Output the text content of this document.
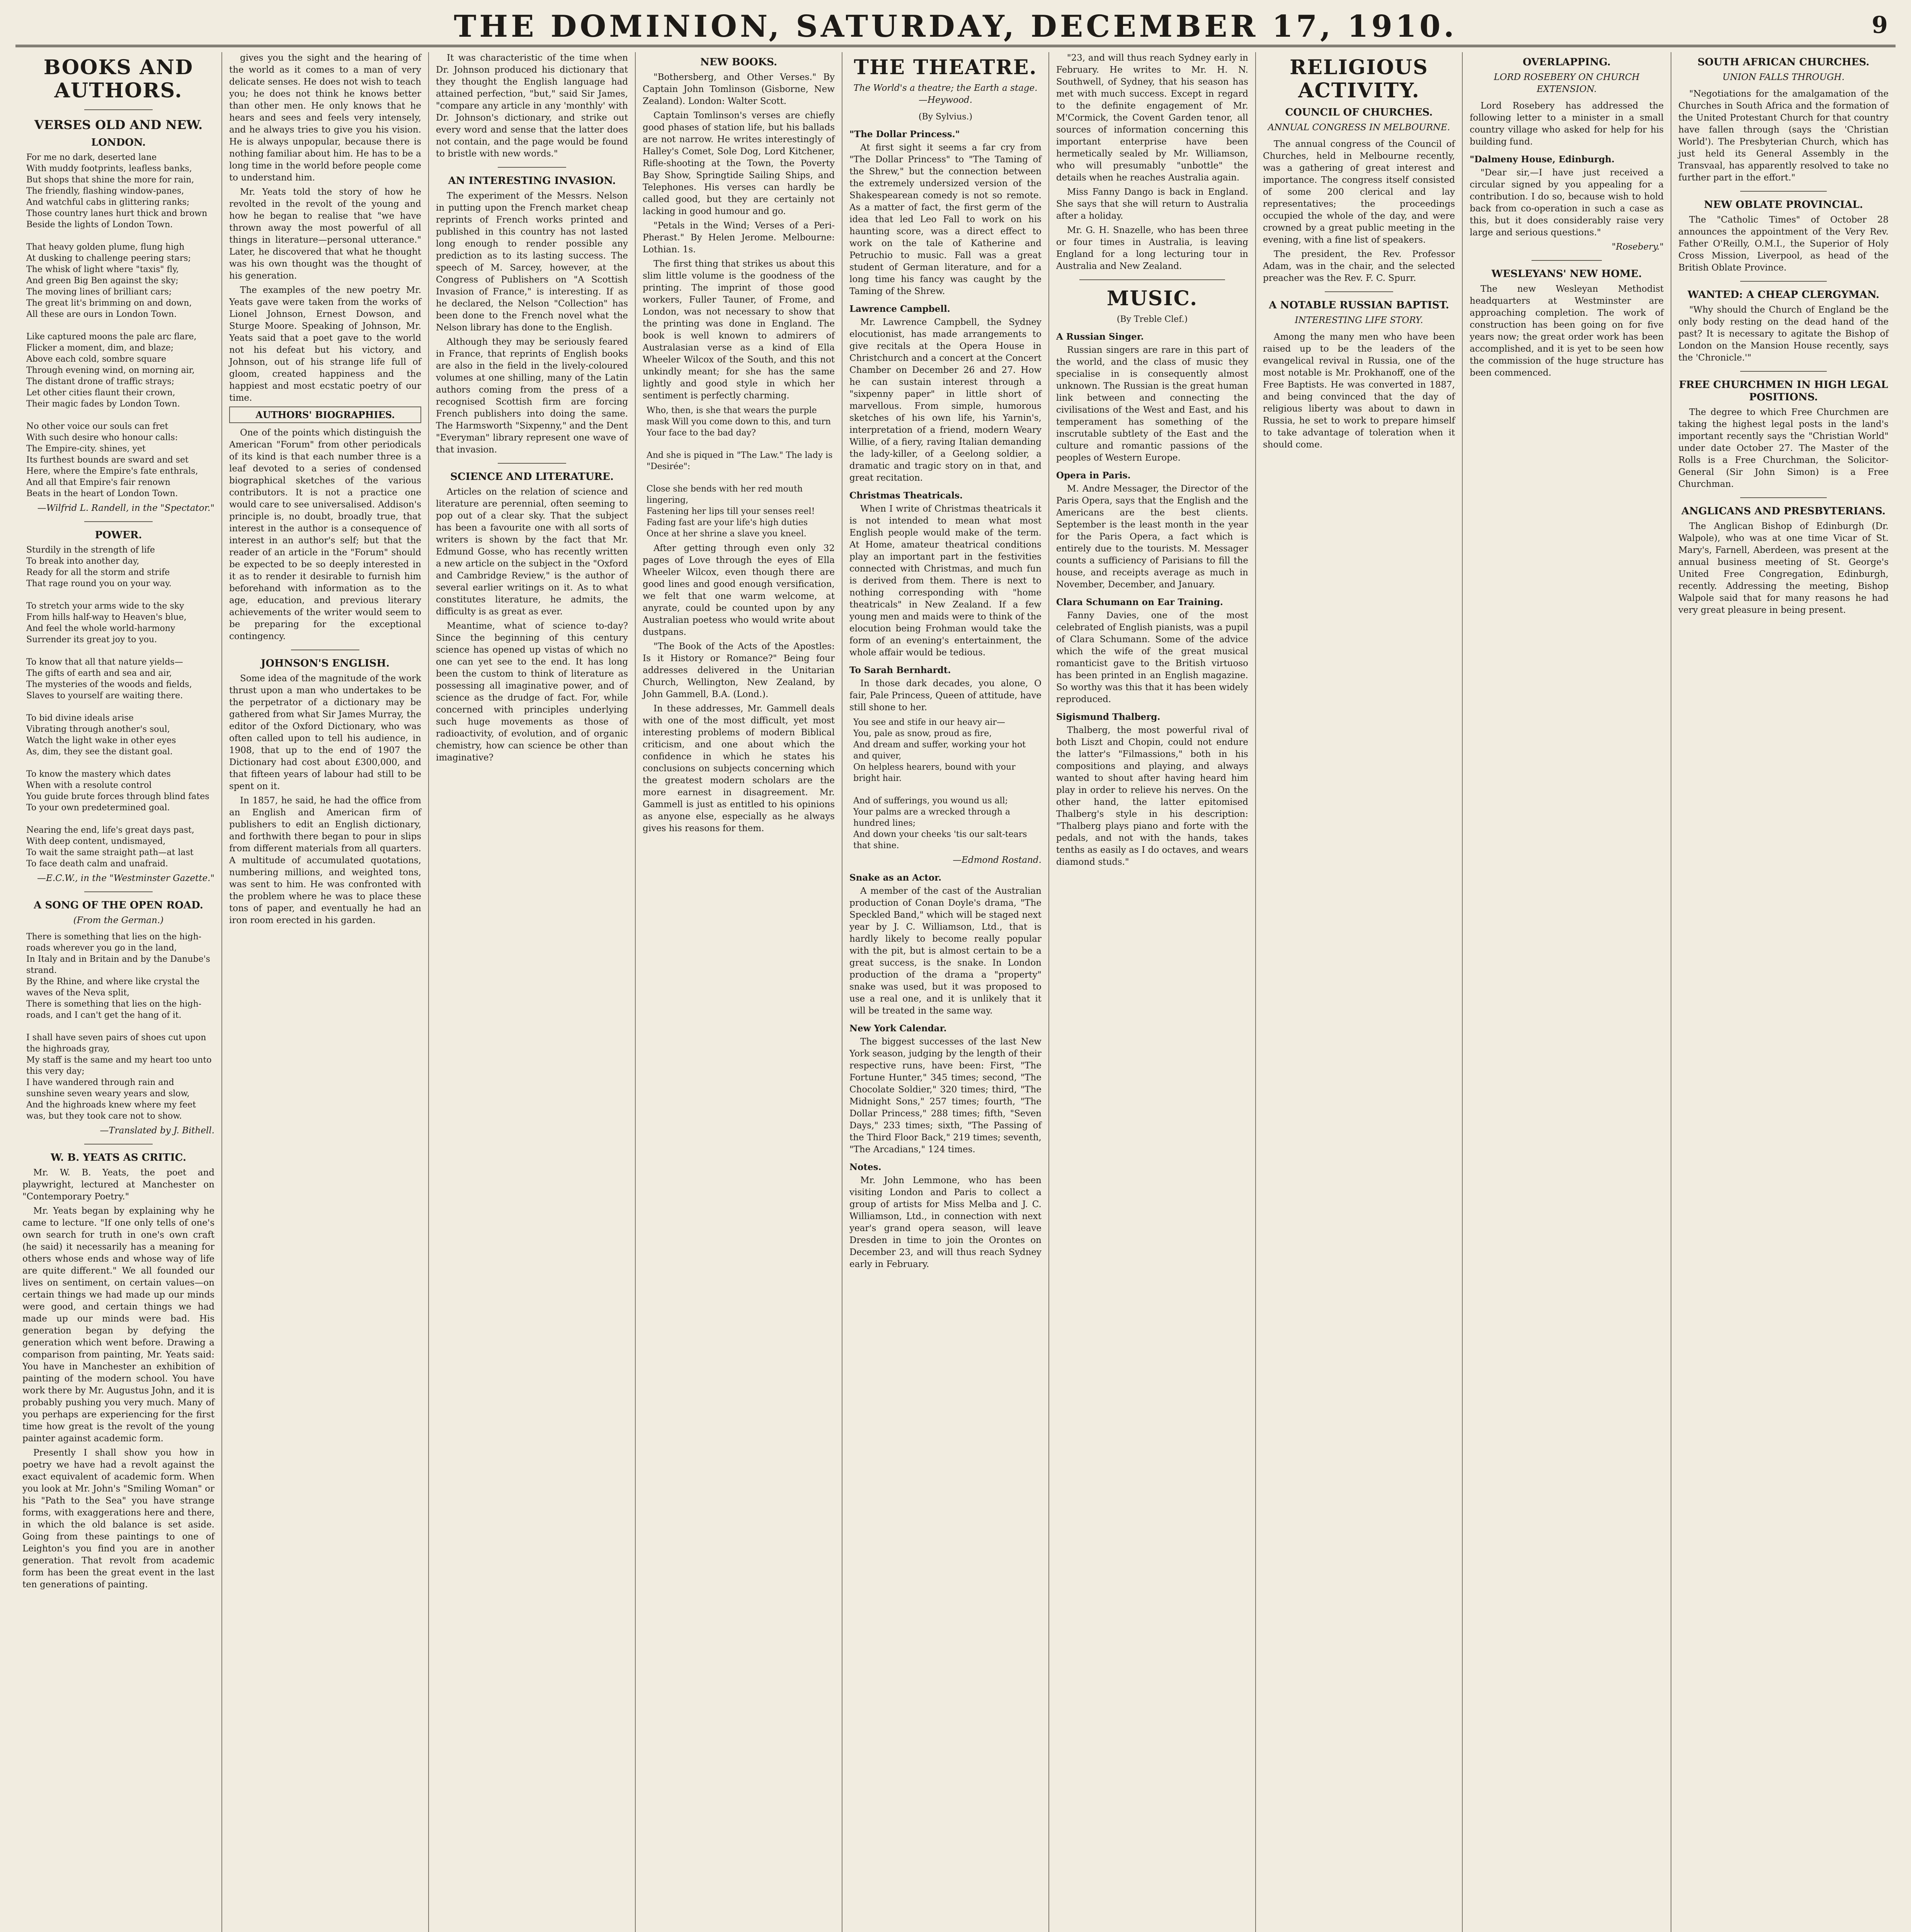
THE DOMINION, SATURDAY, DECEMBER 17, 1910.	9
BOOKS AND AUTHORS.
VERSES OLD AND NEW.
LONDON.
For me no dark, deserted lane
With muddy footprints, leafless banks,
But shops that shine the more for rain,
The friendly, flashing window-panes,
And watchful cabs in glittering ranks;
Those country lanes hurt thick and brown
Beside the lights of London Town.

That heavy golden plume, flung high
At dusking to challenge peering stars;
The whisk of light where "taxis" fly,
And green Big Ben against the sky;
The moving lines of brilliant cars;
The great lit's brimming on and down,
All these are ours in London Town.

Like captured moons the pale arc flare,
Flicker a moment, dim, and blaze;
Above each cold, sombre square
Through evening wind, on morning air,
The distant drone of traffic strays;
Let other cities flaunt their crown,
Their magic fades by London Town.

No other voice our souls can fret
With such desire who honour calls:
The Empire-city. shines, yet
Its furthest bounds are sward and set
Here, where the Empire's fate enthrals,
And all that Empire's fair renown
Beats in the heart of London Town.
—Wilfrid L. Randell, in the "Spectator."
POWER.
Sturdily in the strength of life
To break into another day,
Ready for all the storm and strife
That rage round you on your way.

To stretch your arms wide to the sky
From hills half-way to Heaven's blue,
And feel the whole world-harmony
Surrender its great joy to you.

To know that all that nature yields—
The gifts of earth and sea and air,
The mysteries of the woods and fields,
Slaves to yourself are waiting there.

To bid divine ideals arise
Vibrating through another's soul,
Watch the light wake in other eyes
As, dim, they see the distant goal.

To know the mastery which dates
When with a resolute control
You guide brute forces through blind fates
To your own predetermined goal.

Nearing the end, life's great days past,
With deep content, undismayed,
To wait the same straight path—at last
To face death calm and unafraid.
—E.C.W., in the "Westminster Gazette."
A SONG OF THE OPEN ROAD.
(From the German.)
There is something that lies on the high-roads wherever you go in the land,
In Italy and in Britain and by the Danube's strand.
By the Rhine, and where like crystal the waves of the Neva split,
There is something that lies on the high-roads, and I can't get the hang of it.

I shall have seven pairs of shoes cut upon the highroads gray,
My staff is the same and my heart too unto this very day;
I have wandered through rain and sunshine seven weary years and slow,
And the highroads knew where my feet was, but they took care not to show.
—Translated by J. Bithell.
W. B. YEATS AS CRITIC.

Mr. W. B. Yeats, the poet and playwright, lectured at Manchester on "Contemporary Poetry."

Mr. Yeats began by explaining why he came to lecture. "If one only tells of one's own search for truth in one's own craft (he said) it necessarily has a meaning for others whose ends and whose way of life are quite different." We all founded our lives on sentiment, on certain values—on certain things we had made up our minds were good, and certain things we had made up our minds were bad. His generation began by defying the generation which went before. Drawing a comparison from painting, Mr. Yeats said: You have in Manchester an exhibition of painting of the modern school. You have work there by Mr. Augustus John, and it is probably pushing you very much. Many of you perhaps are experiencing for the first time how great is the revolt of the young painter against academic form.

Presently I shall show you how in poetry we have had a revolt against the exact equivalent of academic form. When you look at Mr. John's "Smiling Woman" or his "Path to the Sea" you have strange forms, with exaggerations here and there, in which the old balance is set aside. Going from these paintings to one of Leighton's you find you are in another generation. That revolt from academic form has been the great event in the last ten generations of painting.

gives you the sight and the hearing of the world as it comes to a man of very delicate senses. He does not wish to teach you; he does not think he knows better than other men. He only knows that he hears and sees and feels very intensely, and he always tries to give you his vision. He is always unpopular, because there is nothing familiar about him. He has to be a long time in the world before people come to understand him.

Mr. Yeats told the story of how he revolted in the revolt of the young and how he began to realise that "we have thrown away the most powerful of all things in literature—personal utterance." Later, he discovered that what he thought was his own thought was the thought of his generation.

The examples of the new poetry Mr. Yeats gave were taken from the works of Lionel Johnson, Ernest Dowson, and Sturge Moore. Speaking of Johnson, Mr. Yeats said that a poet gave to the world not his defeat but his victory, and Johnson, out of his strange life full of gloom, created happiness and the happiest and most ecstatic poetry of our time.

AUTHORS' BIOGRAPHIES.

One of the points which distinguish the American "Forum" from other periodicals of its kind is that each number three is a leaf devoted to a series of condensed biographical sketches of the various contributors. It is not a practice one would care to see universalised. Addison's principle is, no doubt, broadly true, that interest in the author is a consequence of interest in an author's self; but that the reader of an article in the "Forum" should be expected to be so deeply interested in it as to render it desirable to furnish him beforehand with information as to the age, education, and previous literary achievements of the writer would seem to be preparing for the exceptional contingency.

JOHNSON'S ENGLISH.

Some idea of the magnitude of the work thrust upon a man who undertakes to be the perpetrator of a dictionary may be gathered from what Sir James Murray, the editor of the Oxford Dictionary, who was often called upon to tell his audience, in 1908, that up to the end of 1907 the Dictionary had cost about £300,000, and that fifteen years of labour had still to be spent on it.

In 1857, he said, he had the office from an English and American firm of publishers to edit an English dictionary, and forthwith there began to pour in slips from different materials from all quarters. A multitude of accumulated quotations, numbering millions, and weighted tons, was sent to him. He was confronted with the problem where he was to place these tons of paper, and eventually he had an iron room erected in his garden.

It was characteristic of the time when Dr. Johnson produced his dictionary that they thought the English language had attained perfection, "but," said Sir James, "compare any article in any 'monthly' with Dr. Johnson's dictionary, and strike out every word and sense that the latter does not contain, and the page would be found to bristle with new words."

AN INTERESTING INVASION.

The experiment of the Messrs. Nelson in putting upon the French market cheap reprints of French works printed and published in this country has not lasted long enough to render possible any prediction as to its lasting success. The speech of M. Sarcey, however, at the Congress of Publishers on "A Scottish Invasion of France," is interesting. If as he declared, the Nelson "Collection" has been done to the French novel what the Nelson library has done to the English.

Although they may be seriously feared in France, that reprints of English books are also in the field in the lively-coloured volumes at one shilling, many of the Latin authors coming from the press of a recognised Scottish firm are forcing French publishers into doing the same. The Harmsworth "Sixpenny," and the Dent "Everyman" library represent one wave of that invasion.

SCIENCE AND LITERATURE.

Articles on the relation of science and literature are perennial, often seeming to pop out of a clear sky. That the subject has been a favourite one with all sorts of writers is shown by the fact that Mr. Edmund Gosse, who has recently written a new article on the subject in the "Oxford and Cambridge Review," is the author of several earlier writings on it. As to what constitutes literature, he admits, the difficulty is as great as ever.

Meantime, what of science to-day? Since the beginning of this century science has opened up vistas of which no one can yet see to the end. It has long been the custom to think of literature as possessing all imaginative power, and of science as the drudge of fact. For, while concerned with principles underlying such huge movements as those of radioactivity, of evolution, and of organic chemistry, how can science be other than imaginative?

NEW BOOKS.

"Bothersberg, and Other Verses." By Captain John Tomlinson (Gisborne, New Zealand). London: Walter Scott.

Captain Tomlinson's verses are chiefly good phases of station life, but his ballads are not narrow. He writes interestingly of Halley's Comet, Sole Dog, Lord Kitchener, Rifle-shooting at the Town, the Poverty Bay Show, Springtide Sailing Ships, and Telephones. His verses can hardly be called good, but they are certainly not lacking in good humour and go.

"Petals in the Wind; Verses of a Peri-Pherast." By Helen Jerome. Melbourne: Lothian. 1s.

The first thing that strikes us about this slim little volume is the goodness of the printing. The imprint of those good workers, Fuller Tauner, of Frome, and London, was not necessary to show that the printing was done in England. The book is well known to admirers of Australasian verse as a kind of Ella Wheeler Wilcox of the South, and this not unkindly meant; for she has the same lightly and good style in which her sentiment is perfectly charming.

Who, then, is she that wears the purple mask Will you come down to this, and turn Your face to the bad day?

And she is piqued in "The Law." The lady is "Desirée":

Close she bends with her red mouth lingering,
Fastening her lips till your senses reel!
Fading fast are your life's high duties
Once at her shrine a slave you kneel.

After getting through even only 32 pages of Love through the eyes of Ella Wheeler Wilcox, even though there are good lines and good enough versification, we felt that one warm welcome, at anyrate, could be counted upon by any Australian poetess who would write about dustpans.

"The Book of the Acts of the Apostles: Is it History or Romance?" Being four addresses delivered in the Unitarian Church, Wellington, New Zealand, by John Gammell, B.A. (Lond.).

In these addresses, Mr. Gammell deals with one of the most difficult, yet most interesting problems of modern Biblical criticism, and one about which the confidence in which he states his conclusions on subjects concerning which the greatest modern scholars are the more earnest in disagreement. Mr. Gammell is just as entitled to his opinions as anyone else, especially as he always gives his reasons for them.

THE THEATRE.
The World's a theatre; the Earth a stage.—Heywood.
(By Sylvius.)
"The Dollar Princess."

At first sight it seems a far cry from "The Dollar Princess" to "The Taming of the Shrew," but the connection between the extremely undersized version of the Shakespearean comedy is not so remote. As a matter of fact, the first germ of the idea that led Leo Fall to work on his haunting score, was a direct effect to work on the tale of Katherine and Petruchio to music. Fall was a great student of German literature, and for a long time his fancy was caught by the Taming of the Shrew.

Lawrence Campbell.

Mr. Lawrence Campbell, the Sydney elocutionist, has made arrangements to give recitals at the Opera House in Christchurch and a concert at the Concert Chamber on December 26 and 27. How he can sustain interest through a "sixpenny paper" in little short of marvellous. From simple, humorous sketches of his own life, his Yarnin's, interpretation of a friend, modern Weary Willie, of a fiery, raving Italian demanding the lady-killer, of a Geelong soldier, a dramatic and tragic story on in that, and great recitation.

Christmas Theatricals.

When I write of Christmas theatricals it is not intended to mean what most English people would make of the term. At Home, amateur theatrical conditions play an important part in the festivities connected with Christmas, and much fun is derived from them. There is next to nothing corresponding with "home theatricals" in New Zealand. If a few young men and maids were to think of the elocution being Frohman would take the form of an evening's entertainment, the whole affair would be tedious.

To Sarah Bernhardt.

In those dark decades, you alone, O fair, Pale Princess, Queen of attitude, have still shone to her.

You see and stife in our heavy air—
You, pale as snow, proud as fire,
And dream and suffer, working your hot and quiver,
On helpless hearers, bound with your bright hair.

And of sufferings, you wound us all;
Your palms are a wrecked through a hundred lines;
And down your cheeks 'tis our salt-tears that shine.
—Edmond Rostand.
Snake as an Actor.

A member of the cast of the Australian production of Conan Doyle's drama, "The Speckled Band," which will be staged next year by J. C. Williamson, Ltd., that is hardly likely to become really popular with the pit, but is almost certain to be a great success, is the snake. In London production of the drama a "property" snake was used, but it was proposed to use a real one, and it is unlikely that it will be treated in the same way.

New York Calendar.

The biggest successes of the last New York season, judging by the length of their respective runs, have been: First, "The Fortune Hunter," 345 times; second, "The Chocolate Soldier," 320 times; third, "The Midnight Sons," 257 times; fourth, "The Dollar Princess," 288 times; fifth, "Seven Days," 233 times; sixth, "The Passing of the Third Floor Back," 219 times; seventh, "The Arcadians," 124 times.

Notes.

Mr. John Lemmone, who has been visiting London and Paris to collect a group of artists for Miss Melba and J. C. Williamson, Ltd., in connection with next year's grand opera season, will leave Dresden in time to join the Orontes on December 23, and will thus reach Sydney early in February.

"23, and will thus reach Sydney early in February. He writes to Mr. H. N. Southwell, of Sydney, that his season has met with much success. Except in regard to the definite engagement of Mr. M'Cormick, the Covent Garden tenor, all sources of information concerning this important enterprise have been hermetically sealed by Mr. Williamson, who will presumably "unbottle" the details when he reaches Australia again.

Miss Fanny Dango is back in England. She says that she will return to Australia after a holiday.

Mr. G. H. Snazelle, who has been three or four times in Australia, is leaving England for a long lecturing tour in Australia and New Zealand.

MUSIC.
(By Treble Clef.)
A Russian Singer.

Russian singers are rare in this part of the world, and the class of music they specialise in is consequently almost unknown. The Russian is the great human link between and connecting the civilisations of the West and East, and his temperament has something of the inscrutable subtlety of the East and the culture and romantic passions of the peoples of Western Europe.

Opera in Paris.

M. Andre Messager, the Director of the Paris Opera, says that the English and the Americans are the best clients. September is the least month in the year for the Paris Opera, a fact which is entirely due to the tourists. M. Messager counts a sufficiency of Parisians to fill the house, and receipts average as much in November, December, and January.

Clara Schumann on Ear Training.

Fanny Davies, one of the most celebrated of English pianists, was a pupil of Clara Schumann. Some of the advice which the wife of the great musical romanticist gave to the British virtuoso has been printed in an English magazine. So worthy was this that it has been widely reproduced.

Sigismund Thalberg.

Thalberg, the most powerful rival of both Liszt and Chopin, could not endure the latter's "Filmassions," both in his compositions and playing, and always wanted to shout after having heard him play in order to relieve his nerves. On the other hand, the latter epitomised Thalberg's style in his description: "Thalberg plays piano and forte with the pedals, and not with the hands, takes tenths as easily as I do octaves, and wears diamond studs."

RELIGIOUS ACTIVITY.
COUNCIL OF CHURCHES.
ANNUAL CONGRESS IN MELBOURNE.

The annual congress of the Council of Churches, held in Melbourne recently, was a gathering of great interest and importance. The congress itself consisted of some 200 clerical and lay representatives; the proceedings occupied the whole of the day, and were crowned by a great public meeting in the evening, with a fine list of speakers.

The president, the Rev. Professor Adam, was in the chair, and the selected preacher was the Rev. F. C. Spurr.

A NOTABLE RUSSIAN BAPTIST.
INTERESTING LIFE STORY.

Among the many men who have been raised up to be the leaders of the evangelical revival in Russia, one of the most notable is Mr. Prokhanoff, one of the Free Baptists. He was converted in 1887, and being convinced that the day of religious liberty was about to dawn in Russia, he set to work to prepare himself to take advantage of toleration when it should come.

OVERLAPPING.
LORD ROSEBERY ON CHURCH EXTENSION.

Lord Rosebery has addressed the following letter to a minister in a small country village who asked for help for his building fund.

"Dalmeny House, Edinburgh.

"Dear sir,—I have just received a circular signed by you appealing for a contribution. I do so, because wish to hold back from co-operation in such a case as this, but it does considerably raise very large and serious questions."

"Rosebery."
WESLEYANS' NEW HOME.

The new Wesleyan Methodist headquarters at Westminster are approaching completion. The work of construction has been going on for five years now; the great order work has been accomplished, and it is yet to be seen how the commission of the huge structure has been commenced.

SOUTH AFRICAN CHURCHES.
UNION FALLS THROUGH.

"Negotiations for the amalgamation of the Churches in South Africa and the formation of the United Protestant Church for that country have fallen through (says the 'Christian World'). The Presbyterian Church, which has just held its General Assembly in the Transvaal, has apparently resolved to take no further part in the effort."

NEW OBLATE PROVINCIAL.

The "Catholic Times" of October 28 announces the appointment of the Very Rev. Father O'Reilly, O.M.I., the Superior of Holy Cross Mission, Liverpool, as head of the British Oblate Province.

WANTED: A CHEAP CLERGYMAN.

"Why should the Church of England be the only body resting on the dead hand of the past? It is necessary to agitate the Bishop of London on the Mansion House recently, says the 'Chronicle.'"

FREE CHURCHMEN IN HIGH LEGAL POSITIONS.

The degree to which Free Churchmen are taking the highest legal posts in the land's important recently says the "Christian World" under date October 27. The Master of the Rolls is a Free Churchman, the Solicitor-General (Sir John Simon) is a Free Churchman.

ANGLICANS AND PRESBYTERIANS.

The Anglican Bishop of Edinburgh (Dr. Walpole), who was at one time Vicar of St. Mary's, Farnell, Aberdeen, was present at the annual business meeting of St. George's United Free Congregation, Edinburgh, recently. Addressing the meeting, Bishop Walpole said that for many reasons he had very great pleasure in being present.
